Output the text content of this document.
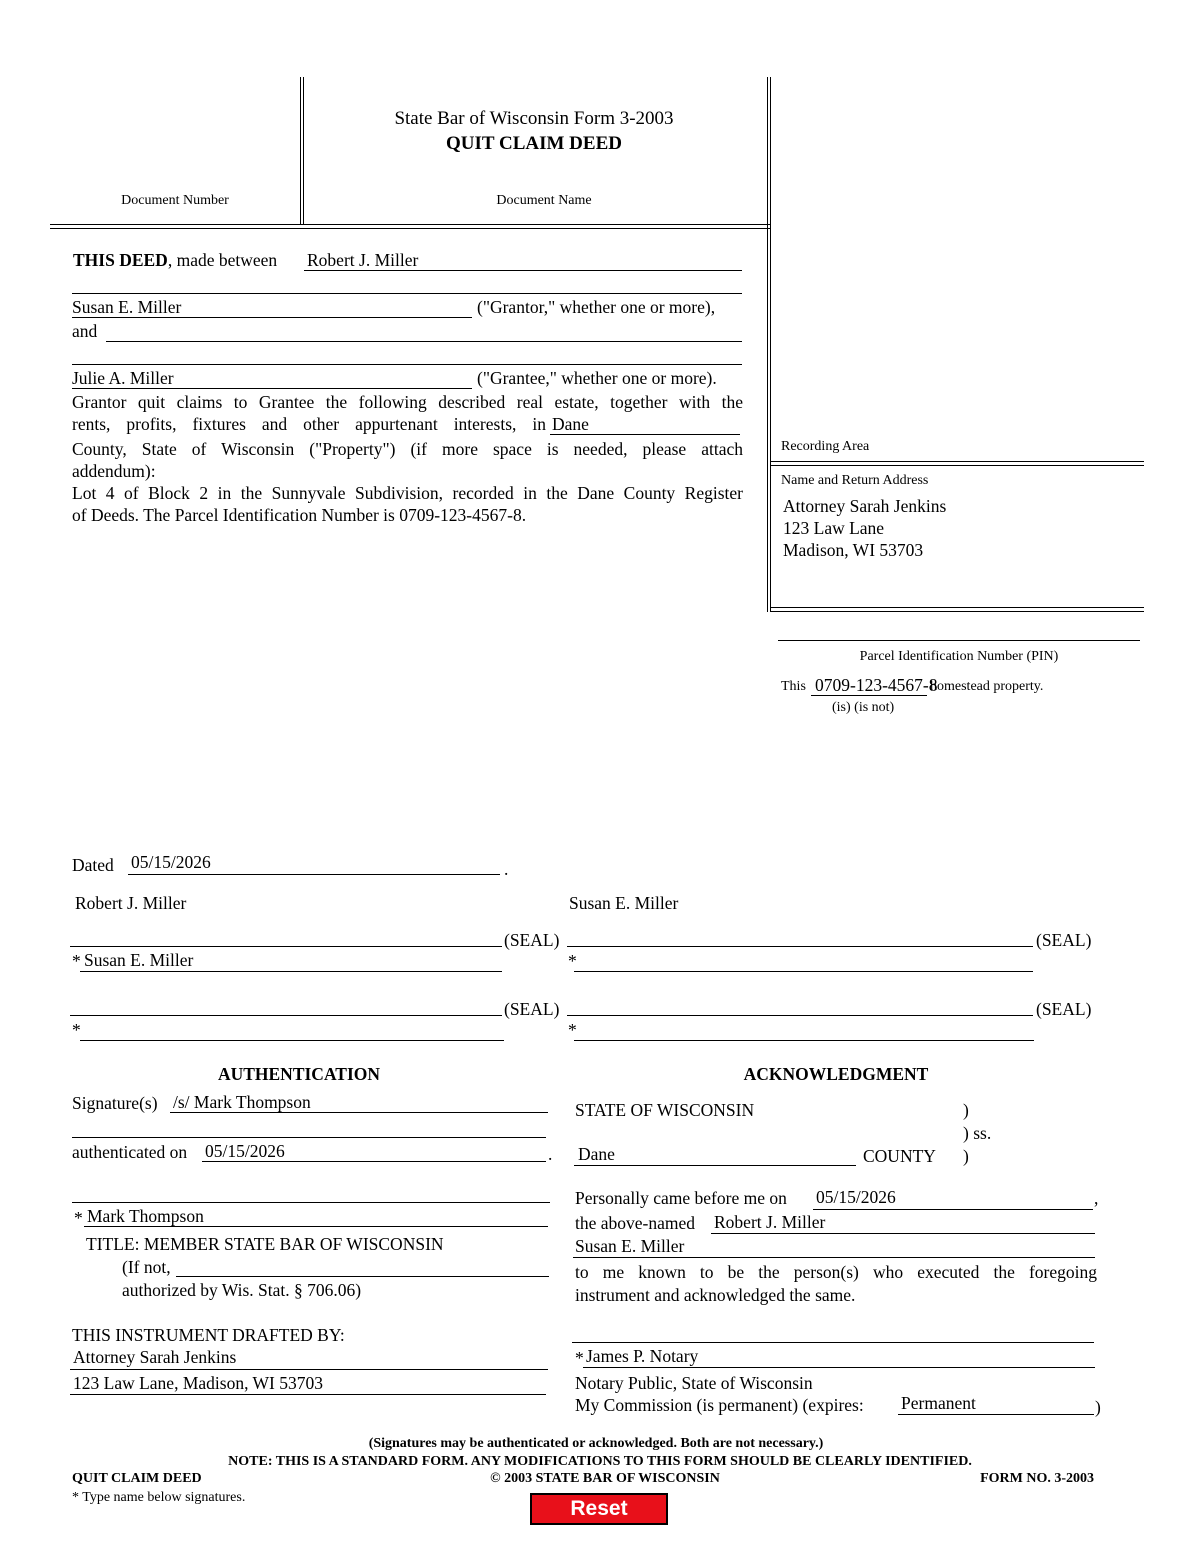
State Bar of Wisconsin Form 3-2003
QUIT CLAIM DEED
Document Number	Document Name
Recording Area
Name and Return Address
Attorney Sarah Jenkins
123 Law Lane
Madison, WI 53703
Parcel Identification Number (PIN)
This 0709-123-4567-8
homestead property.
(is) (is not)
THIS DEED, made between Robert J. Miller
Susan E. Miller	("Grantor," whether one or more),
and
Julie A. Miller	("Grantee," whether one or more).
Grantor quit claims to Grantee the following described real estate, together with the
rents, profits, fixtures and other appurtenant interests, in Dane
County, State of Wisconsin ("Property") (if more space is needed, please attach
addendum):
Lot 4 of Block 2 in the Sunnyvale Subdivision, recorded in the Dane County Register
of Deeds. The Parcel Identification Number is 0709-123-4567-8.
Dated 05/15/2026	.
Robert J. Miller	Susan E. Miller
(SEAL)	(SEAL)
* Susan E. Miller	*
(SEAL)	(SEAL)
*	*
AUTHENTICATION
Signature(s) /s/ Mark Thompson
authenticated on 05/15/2026	.
* Mark Thompson
TITLE: MEMBER STATE BAR OF WISCONSIN
(If not,
authorized by Wis. Stat. § 706.06)
THIS INSTRUMENT DRAFTED BY:
Attorney Sarah Jenkins
123 Law Lane, Madison, WI 53703
ACKNOWLEDGMENT
STATE OF WISCONSIN	)
) ss.
Dane	COUNTY )
Personally came before me on 05/15/2026	,
the above-named Robert J. Miller
Susan E. Miller
to me known to be the person(s) who executed the foregoing
instrument and acknowledged the same.
* James P. Notary
Notary Public, State of Wisconsin
My Commission (is permanent) (expires: Permanent	)
(Signatures may be authenticated or acknowledged. Both are not necessary.)
NOTE: THIS IS A STANDARD FORM. ANY MODIFICATIONS TO THIS FORM SHOULD BE CLEARLY IDENTIFIED.
QUIT CLAIM DEED	© 2003 STATE BAR OF WISCONSIN	FORM NO. 3-2003
* Type name below signatures.	Reset
